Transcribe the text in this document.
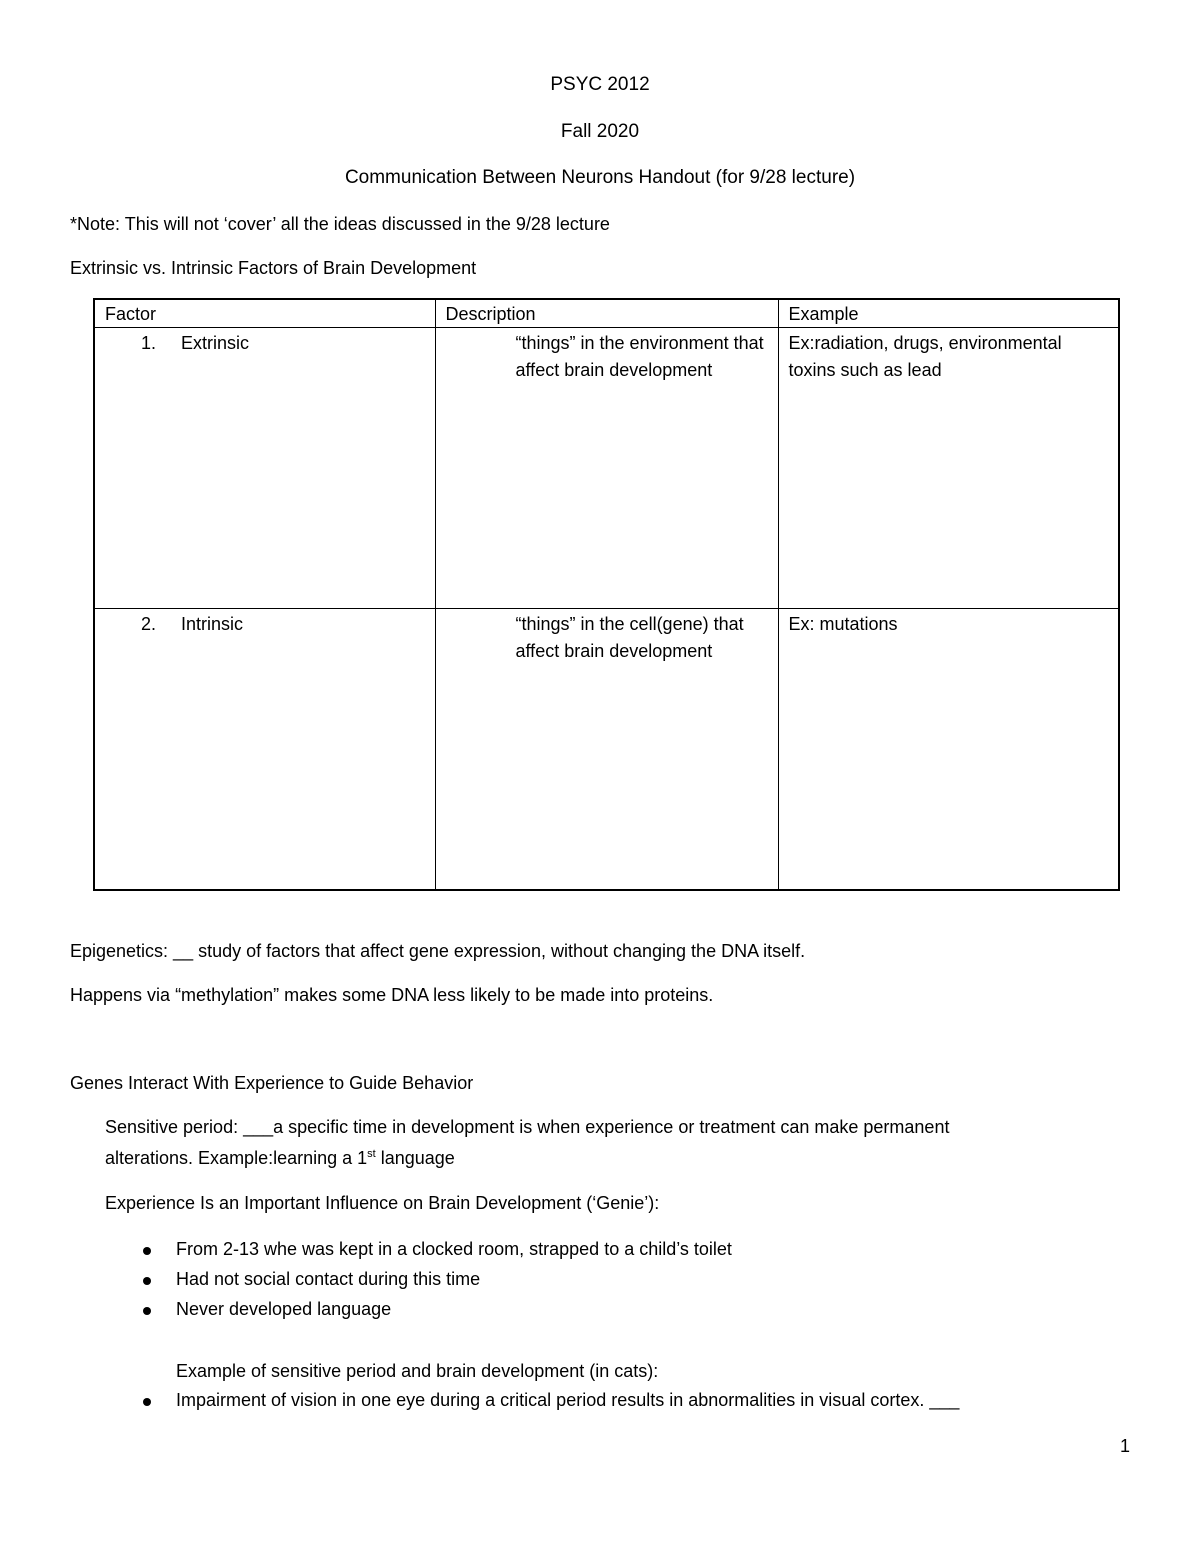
PSYC 2012
Fall 2020
Communication Between Neurons Handout (for 9/28 lecture)
*Note: This will not ‘cover’ all the ideas discussed in the 9/28 lecture
Extrinsic vs. Intrinsic Factors of Brain Development
Factor	Description	Example
1. Extrinsic	“things” in the environment that affect brain development	Ex:radiation, drugs, environmental toxins such as lead
2. Intrinsic	“things” in the cell(gene) that affect brain development	Ex: mutations
Epigenetics: __ study of factors that affect gene expression, without changing the DNA itself.
Happens via “methylation” makes some DNA less likely to be made into proteins.
Genes Interact With Experience to Guide Behavior
Sensitive period: ___a specific time in development is when experience or treatment can make permanent
alterations. Example:learning a 1st language
Experience Is an Important Influence on Brain Development (‘Genie’):
From 2-13 whe was kept in a clocked room, strapped to a child’s toilet
Had not social contact during this time
Never developed language
Example of sensitive period and brain development (in cats):
Impairment of vision in one eye during a critical period results in abnormalities in visual cortex. ___
1
